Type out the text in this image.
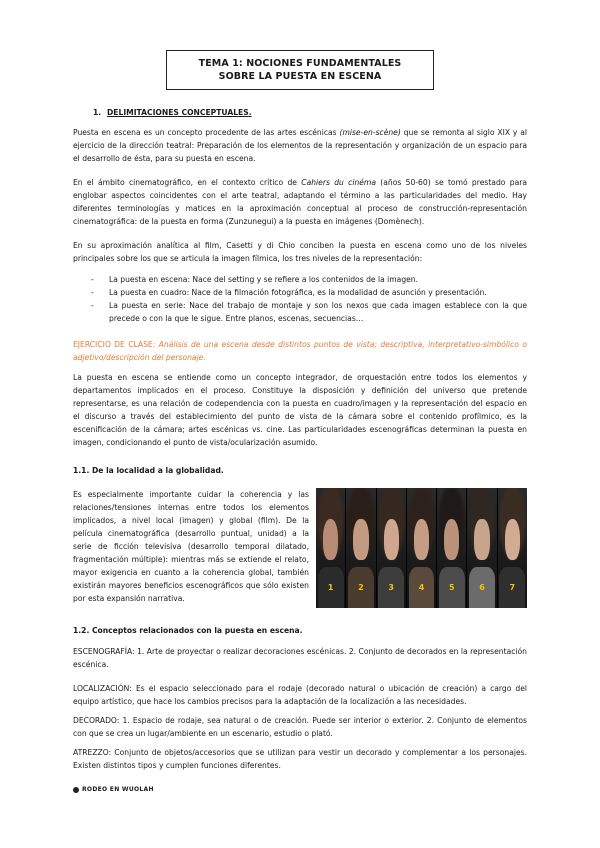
TEMA 1: NOCIONES FUNDAMENTALES
SOBRE LA PUESTA EN ESCENA
1. DELIMITACIONES CONCEPTUALES.

Puesta en escena es un concepto procedente de las artes escénicas (mise-en-scène) que se remonta al siglo XIX y al ejercicio de la dirección teatral: Preparación de los elementos de la representación y organización de un espacio para el desarrollo de ésta, para su puesta en escena.

En el ámbito cinematográfico, en el contexto crítico de Cahiers du cinéma (años 50-60) se tomó prestado para englobar aspectos coincidentes con el arte teatral, adaptando el término a las particularidades del medio. Hay diferentes terminologías y matices en la aproximación conceptual al proceso de construcción-representación cinematográfica: de la puesta en forma (Zunzunegui) a la puesta en imágenes (Domènech).

En su aproximación analítica al film, Casetti y di Chio conciben la puesta en escena como uno de los niveles principales sobre los que se articula la imagen fílmica, los tres niveles de la representación:

- La puesta en escena: Nace del setting y se refiere a los contenidos de la imagen.
- La puesta en cuadro: Nace de la filmación fotográfica, es la modalidad de asunción y presentación.
- La puesta en serie: Nace del trabajo de montaje y son los nexos que cada imagen establece con la que precede o con la que le sigue. Entre planos, escenas, secuencias…

EJERCICIO DE CLASE: Análisis de una escena desde distintos puntos de vista; descriptiva, interpretativo-simbólico o adjetivo/descripción del personaje.

La puesta en escena se entiende como un concepto integrador, de orquestación entre todos los elementos y departamentos implicados en el proceso. Constituye la disposición y definición del universo que pretende representarse, es una relación de codependencia con la puesta en cuadro/imagen y la representación del espacio en el discurso a través del establecimiento del punto de vista de la cámara sobre el contenido profílmico, es la escenificación de la cámara; artes escénicas vs. cine. Las particularidades escenográficas determinan la puesta en imagen, condicionando el punto de vista/ocularización asumido.

1.1. De la localidad a la globalidad.

Es especialmente importante cuidar la coherencia y las relaciones/tensiones internas entre todos los elementos implicados, a nivel local (imagen) y global (film). De la película cinematográfica (desarrollo puntual, unidad) a la serie de ficción televisiva (desarrollo temporal dilatado, fragmentación múltiple): mientras más se extiende el relato, mayor exigencia en cuanto a la coherencia global, también existirán mayores beneficios escenográficos que sólo existen por esta expansión narrativa.

1	2	3	4	5	6	7
1.2. Conceptos relacionados con la puesta en escena.

ESCENOGRAFÍA: 1. Arte de proyectar o realizar decoraciones escénicas. 2. Conjunto de decorados en la representación escénica.

LOCALIZACIÓN: Es el espacio seleccionado para el rodaje (decorado natural o ubicación de creación) a cargo del equipo artístico, que hace los cambios precisos para la adaptación de la localización a las necesidades.

DECORADO: 1. Espacio de rodaje, sea natural o de creación. Puede ser interior o exterior. 2. Conjunto de elementos con que se crea un lugar/ambiente en un escenario, estudio o plató.

ATREZZO: Conjunto de objetos/accesorios que se utilizan para vestir un decorado y complementar a los personajes. Existen distintos tipos y cumplen funciones diferentes.

RODEO EN WUOLAH
